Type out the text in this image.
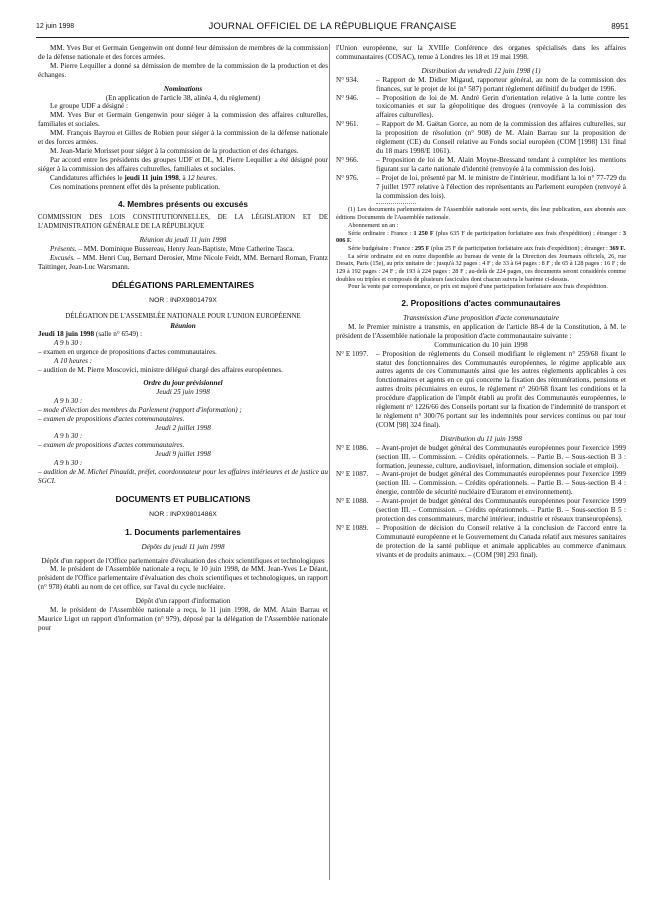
12 juin 1998	JOURNAL OFFICIEL DE LA RÉPUBLIQUE FRANÇAISE	8951

MM. Yves Bur et Germain Gengenwin ont donné leur démission de membres de la commission de la défense nationale et des forces armées.

M. Pierre Lequiller a donné sa démission de membre de la commission de la production et des échanges.

Nominations

(En application de l'article 38, alinéa 4, du règlement)

Le groupe UDF a désigné :

MM. Yves Bur et Germain Gengenwin pour siéger à la commission des affaires culturelles, familiales et sociales.

MM. François Bayrou et Gilles de Robien pour siéger à la commission de la défense nationale et des forces armées.

M. Jean-Marie Morisset pour siéger à la commission de la production et des échanges.

Par accord entre les présidents des groupes UDF et DL, M. Pierre Lequiller a été désigné pour siéger à la commission des affaires culturelles, familiales et sociales.

Candidatures affichées le jeudi 11 juin 1998, à 12 heures.

Ces nominations prennent effet dès la présente publication.

4. Membres présents ou excusés

COMMISSION DES LOIS CONSTITUTIONNELLES, DE LA LÉGISLATION ET DE L'ADMINISTRATION GÉNÉRALE DE LA RÉPUBLIQUE

Réunion du jeudi 11 juin 1998

Présents. – MM. Dominique Bussereau, Henry Jean-Baptiste, Mme Catherine Tasca.

Excusés. – MM. Henri Cuq, Bernard Derosier, Mme Nicole Feidt, MM. Bernard Roman, Frantz Taittinger, Jean-Luc Warsmann.

DÉLÉGATIONS PARLEMENTAIRES
NOR : INPX9801479X

DÉLÉGATION DE L'ASSEMBLÉE NATIONALE POUR L'UNION EUROPÉENNE

Réunion

Jeudi 18 juin 1998 (salle n° 6549) :

A 9 h 30 :

– examen en urgence de propositions d'actes communautaires.

A 10 heures :

– audition de M. Pierre Moscovici, ministre délégué chargé des affaires européennes.

Ordre du jour prévisionnel

Jeudi 25 juin 1998

A 9 h 30 :

– mode d'élection des membres du Parlement (rapport d'information) ;

– examen de propositions d'actes communautaires.

Jeudi 2 juillet 1998

A 9 h 30 :

– examen de propositions d'actes communautaires.

Jeudi 9 juillet 1998

A 9 h 30 :

– audition de M. Michel Pinauldt, préfet, coordonnateur pour les affaires intérieures et de justice au SGCI.

DOCUMENTS ET PUBLICATIONS
NOR : INPX9801486X
1. Documents parlementaires

Dépôts du jeudi 11 juin 1998

Dépôt d'un rapport de l'Office parlementaire d'évaluation des choix scientifiques et technologiques

M. le président de l'Assemblée nationale a reçu, le 10 juin 1998, de MM. Jean-Yves Le Déaut, président de l'Office parlementaire d'évaluation des choix scientifiques et technologiques, un rapport (n° 978) établi au nom de cet office, sur l'aval du cycle nucléaire.

Dépôt d'un rapport d'information

M. le président de l'Assemblée nationale a reçu, le 11 juin 1998, de MM. Alain Barrau et Maurice Ligot un rapport d'information (n° 979), déposé par la délégation de l'Assemblée nationale pour

l'Union européenne, sur la XVIIIe Conférence des organes spécialisés dans les affaires communautaires (COSAC), tenue à Londres les 18 et 19 mai 1998.

Distribution du vendredi 12 juin 1998 (1)

N° 934.	– Rapport de M. Didier Migaud, rapporteur général, au nom de la commission des finances, sur le projet de loi (n° 587) portant règlement définitif du budget de 1996.
N° 946.	– Proposition de loi de M. André Gerin d'orientation relative à la lutte contre les toxicomanies et sur la géopolitique des drogues (renvoyée à la commission des affaires culturelles).
N° 961.	– Rapport de M. Gaëtan Gorce, au nom de la commission des affaires culturelles, sur la proposition de résolution (n° 908) de M. Alain Barrau sur la proposition de règlement (CE) du Conseil relative au Fonds social européen (COM [1998] 131 final du 18 mars 1998/E 1061).
N° 966.	– Proposition de loi de M. Alain Moyne-Bressand tendant à compléter les mentions figurant sur la carte nationale d'identité (renvoyée à la commission des lois).
N° 976.	– Projet de loi, présenté par M. le ministre de l'intérieur, modifiant la loi n° 77-729 du 7 juillet 1977 relative à l'élection des représentants au Parlement européen (renvoyé à la commission des lois).

(1) Les documents parlementaires de l'Assemblée nationale sont servis, dès leur publication, aux abonnés aux éditions Documents de l'Assemblée nationale.

Abonnement un an :

Série ordinaire : France : 1 250 F (plus 635 F de participation forfaitaire aux frais d'expédition) ; étranger : 3 006 F.

Série budgétaire : France : 295 F (plus 25 F de participation forfaitaire aux frais d'expédition) ; étranger : 369 F.

La série ordinaire est en outre disponible au bureau de vente de la Direction des Journaux officiels, 26, rue Desaix, Paris (15e), au prix unitaire de : jusqu'à 32 pages : 4 F ; de 33 à 64 pages : 8 F ; de 65 à 128 pages : 16 F ; de 129 à 192 pages : 24 F ; de 193 à 224 pages : 28 F ; au-delà de 224 pages, ces documents seront considérés comme doubles ou triples et composés de plusieurs fascicules dont chacun suivra le barème ci-dessus.

Pour la vente par correspondance, ce prix est majoré d'une participation forfaitaire aux frais d'expédition.

2. Propositions d'actes communautaires

Transmission d'une proposition d'acte communautaire

M. le Premier ministre a transmis, en application de l'article 88-4 de la Constitution, à M. le président de l'Assemblée nationale la proposition d'acte communautaire suivante :

Communication du 10 juin 1998

N° E 1097.	– Proposition de règlements du Conseil modifiant le règlement n° 259/68 fixant le statut des fonctionnaires des Communautés européennes, le régime applicable aux autres agents de ces Communautés ainsi que les autres règlements applicables à ces fonctionnaires et agents en ce qui concerne la fixation des rémunérations, pensions et autres droits pécuniaires en euros, le règlement n° 260/68 fixant les conditions et la procédure d'application de l'impôt établi au profit des Communautés européennes, le règlement n° 1226/66 des Conseils portant sur la fixation de l'indemnité de transport et le règlement n° 300/76 portant sur les indemnités pour services continus ou par tour (COM [98] 324 final).

Distribution du 11 juin 1998

N° E 1086.	– Avant-projet de budget général des Communautés européennes pour l'exercice 1999 (section III. – Commission. – Crédits opérationnels. – Partie B. – Sous-section B 3 : formation, jeunesse, culture, audiovisuel, information, dimension sociale et emploi).
N° E 1087.	– Avant-projet de budget général des Communautés européennes pour l'exercice 1999 (section III. – Commission. – Crédits opérationnels. – Partie B. – Sous-section B 4 : énergie, contrôle de sécurité nucléaire d'Euratom et environnement).
N° E 1088.	– Avant-projet de budget général des Communautés européennes pour l'exercice 1999 (section III. – Commission. – Crédits opérationnels. – Partie B. – Sous-section B 5 : protection des consommateurs, marché intérieur, industrie et réseaux transeuropéens).
N° E 1089.	– Proposition de décision du Conseil relative à la conclusion de l'accord entre la Communauté européenne et le Gouvernement du Canada relatif aux mesures sanitaires de protection de la santé publique et animale applicables au commerce d'animaux vivants et de produits animaux. – (COM [98] 293 final).
